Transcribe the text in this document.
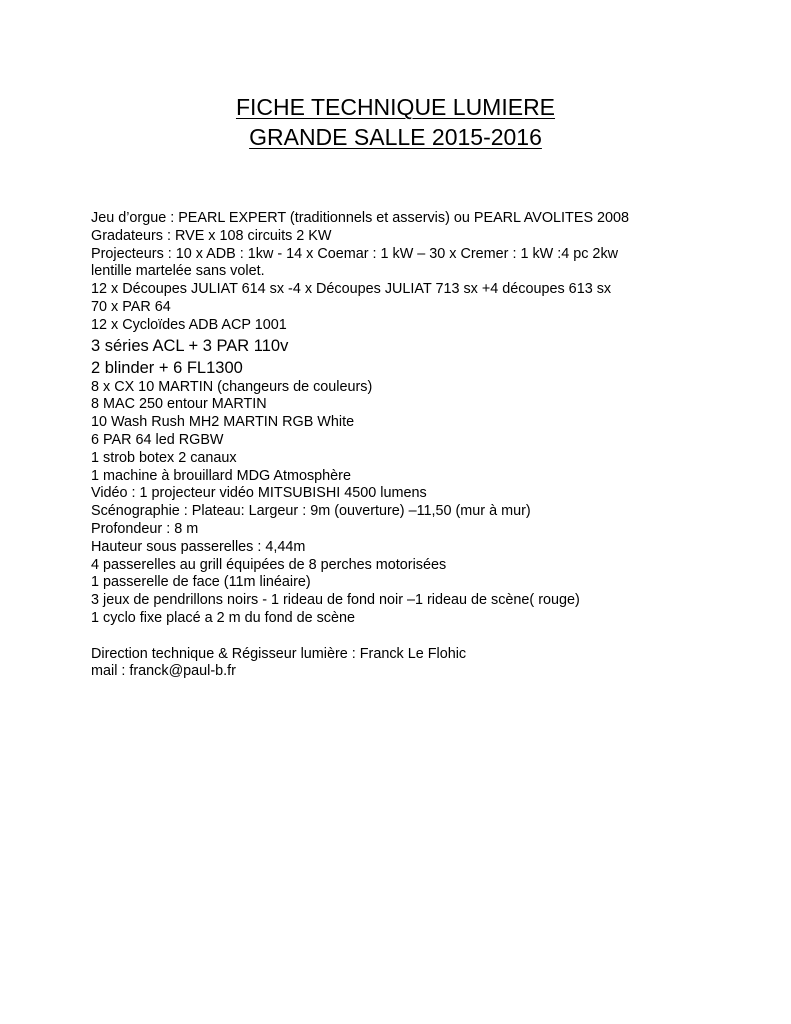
FICHE TECHNIQUE LUMIERE
GRANDE SALLE 2015-2016
Jeu d’orgue : PEARL EXPERT (traditionnels et asservis) ou PEARL AVOLITES 2008
Gradateurs : RVE x 108 circuits 2 KW
Projecteurs : 10 x ADB : 1kw - 14 x Coemar : 1 kW – 30 x Cremer : 1 kW :4 pc 2kw
lentille martelée sans volet.
12 x Découpes JULIAT 614 sx -4 x Découpes JULIAT 713 sx +4 découpes 613 sx
70 x PAR 64
12 x Cycloïdes ADB ACP 1001
3 séries ACL + 3 PAR 110v
2 blinder + 6 FL1300
8 x CX 10 MARTIN (changeurs de couleurs)
8 MAC 250 entour MARTIN
10 Wash Rush MH2 MARTIN RGB White
6 PAR 64 led RGBW
1 strob botex 2 canaux
1 machine à brouillard MDG Atmosphère
Vidéo : 1 projecteur vidéo MITSUBISHI 4500 lumens
Scénographie : Plateau: Largeur : 9m (ouverture) –11,50 (mur à mur)
Profondeur : 8 m
Hauteur sous passerelles : 4,44m
4 passerelles au grill équipées de 8 perches motorisées
1 passerelle de face (11m linéaire)
3 jeux de pendrillons noirs - 1 rideau de fond noir –1 rideau de scène( rouge)
1 cyclo fixe placé a 2 m du fond de scène
Direction technique & Régisseur lumière : Franck Le Flohic
mail : franck@paul-b.fr
